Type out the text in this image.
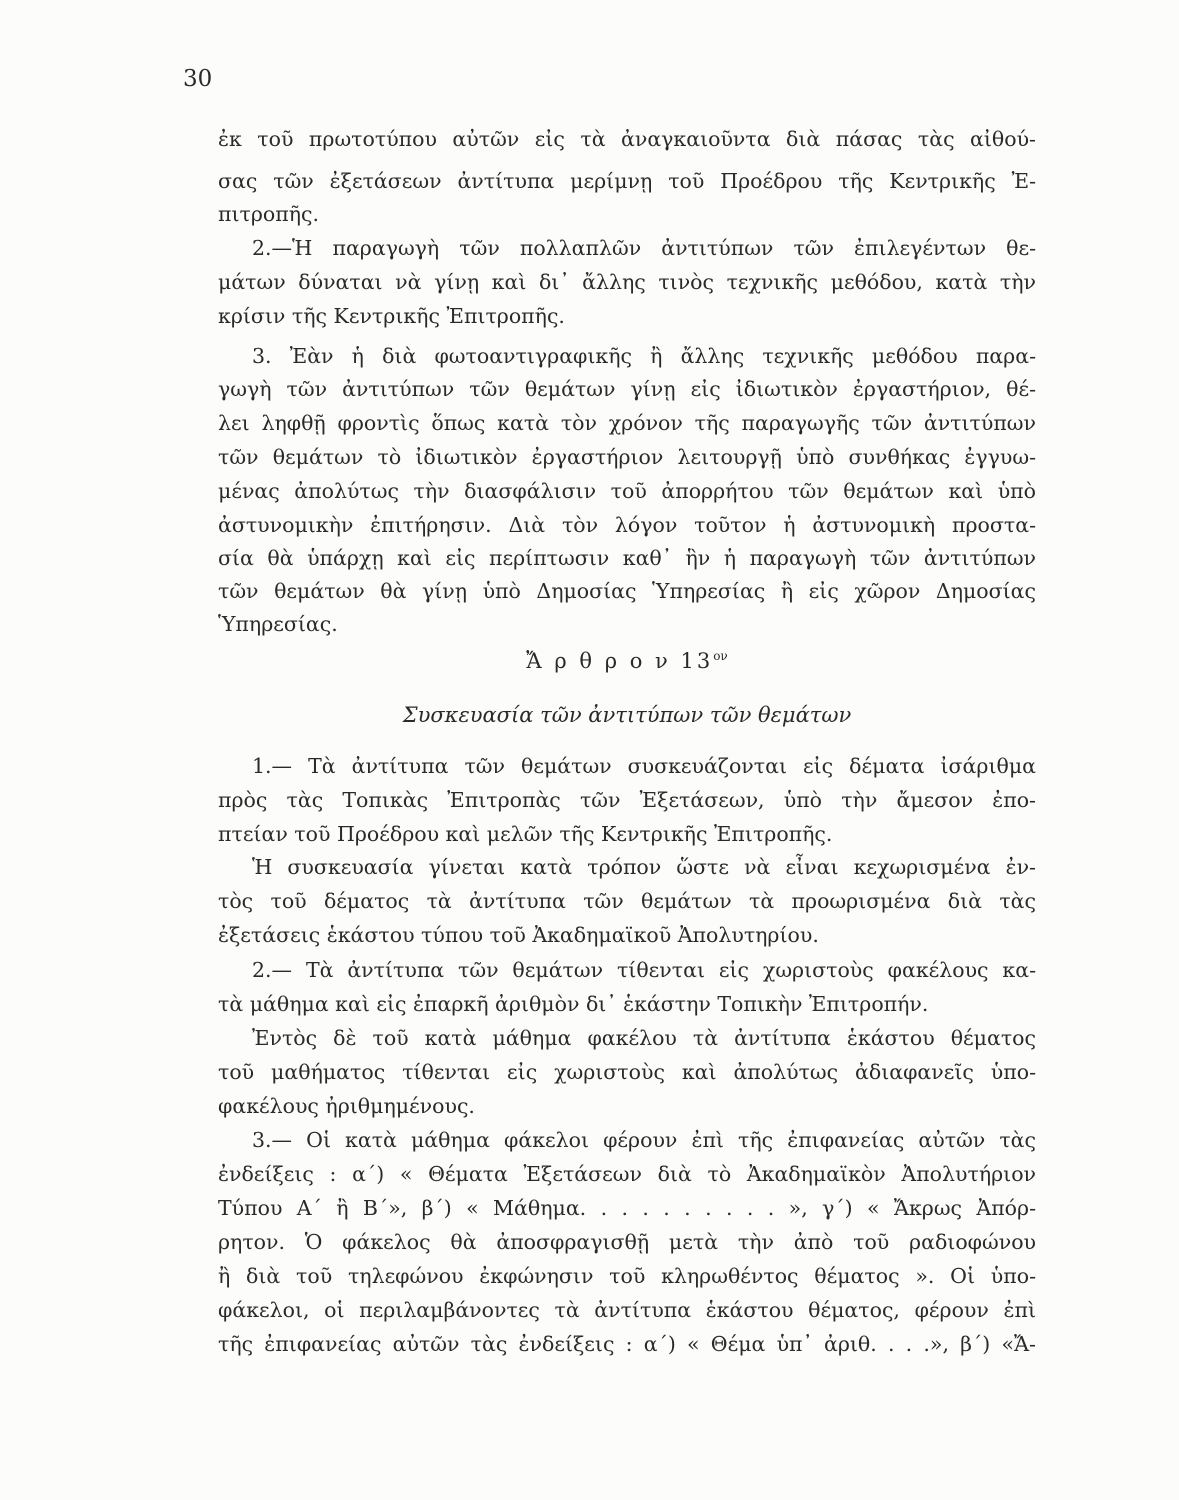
30
ἐκ τοῦ πρωτοτύπου αὐτῶν εἰς τὰ ἀναγκαιοῦντα διὰ πάσας τὰς αἰθού-
σας τῶν ἐξετάσεων ἀντίτυπα μερίμνῃ τοῦ Προέδρου τῆς Κεντρικῆς Ἐ-
πιτροπῆς.
2.—Ἡ παραγωγὴ τῶν πολλαπλῶν ἀντιτύπων τῶν ἐπιλεγέντων θε-
μάτων δύναται νὰ γίνῃ καὶ δι᾽ ἄλλης τινὸς τεχνικῆς μεθόδου, κατὰ τὴν
κρίσιν τῆς Κεντρικῆς Ἐπιτροπῆς.
3. Ἐὰν ἡ διὰ φωτοαντιγραφικῆς ἢ ἄλλης τεχνικῆς μεθόδου παρα-
γωγὴ τῶν ἀντιτύπων τῶν θεμάτων γίνῃ εἰς ἰδιωτικὸν ἐργαστήριον, θέ-
λει ληφθῇ φροντὶς ὅπως κατὰ τὸν χρόνον τῆς παραγωγῆς τῶν ἀντιτύπων
τῶν θεμάτων τὸ ἰδιωτικὸν ἐργαστήριον λειτουργῇ ὑπὸ συνθήκας ἐγγυω-
μένας ἀπολύτως τὴν διασφάλισιν τοῦ ἀπορρήτου τῶν θεμάτων καὶ ὑπὸ
ἀστυνομικὴν ἐπιτήρησιν. Διὰ τὸν λόγον τοῦτον ἡ ἀστυνομικὴ προστα-
σία θὰ ὑπάρχῃ καὶ εἰς περίπτωσιν καθ᾽ ἣν ἡ παραγωγὴ τῶν ἀντιτύπων
τῶν θεμάτων θὰ γίνῃ ὑπὸ Δημοσίας Ὑπηρεσίας ἢ εἰς χῶρον Δημοσίας
Ὑπηρεσίας.
Ἄ ρ θ ρ ο ν $13^{o\nu}$
Συσκευασία τῶν ἀντιτύπων τῶν θεμάτων
1.— Τὰ ἀντίτυπα τῶν θεμάτων συσκευάζονται εἰς δέματα ἰσάριθμα
πρὸς τὰς Τοπικὰς Ἐπιτροπὰς τῶν Ἐξετάσεων, ὑπὸ τὴν ἄμεσον ἐπο-
πτείαν τοῦ Προέδρου καὶ μελῶν τῆς Κεντρικῆς Ἐπιτροπῆς.
Ἡ συσκευασία γίνεται κατὰ τρόπον ὥστε νὰ εἶναι κεχωρισμένα ἐν-
τὸς τοῦ δέματος τὰ ἀντίτυπα τῶν θεμάτων τὰ προωρισμένα διὰ τὰς
ἐξετάσεις ἑκάστου τύπου τοῦ Ἀκαδημαϊκοῦ Ἀπολυτηρίου.
2.— Τὰ ἀντίτυπα τῶν θεμάτων τίθενται εἰς χωριστοὺς φακέλους κα-
τὰ μάθημα καὶ εἰς ἐπαρκῆ ἀριθμὸν δι᾽ ἑκάστην Τοπικὴν Ἐπιτροπήν.
Ἐντὸς δὲ τοῦ κατὰ μάθημα φακέλου τὰ ἀντίτυπα ἑκάστου θέματος
τοῦ μαθήματος τίθενται εἰς χωριστοὺς καὶ ἀπολύτως ἀδιαφανεῖς ὑπο-
φακέλους ἠριθμημένους.
3.— Οἱ κατὰ μάθημα φάκελοι φέρουν ἐπὶ τῆς ἐπιφανείας αὐτῶν τὰς
ἐνδείξεις : α´) « Θέματα Ἐξετάσεων διὰ τὸ Ἀκαδημαϊκὸν Ἀπολυτήριον
Τύπου Α´ ἢ Β´», β´) « Μάθημα. . . . . . . . . . », γ´) « Ἄκρως Ἀπόρ-
ρητον. Ὁ φάκελος θὰ ἀποσφραγισθῇ μετὰ τὴν ἀπὸ τοῦ ραδιοφώνου
ἢ διὰ τοῦ τηλεφώνου ἐκφώνησιν τοῦ κληρωθέντος θέματος ». Οἱ ὑπο-
φάκελοι, οἱ περιλαμβάνοντες τὰ ἀντίτυπα ἑκάστου θέματος, φέρουν ἐπὶ
τῆς ἐπιφανείας αὐτῶν τὰς ἐνδείξεις : α´) « Θέμα ὑπ᾽ ἀριθ. . . .», β´) «Ἄ-
